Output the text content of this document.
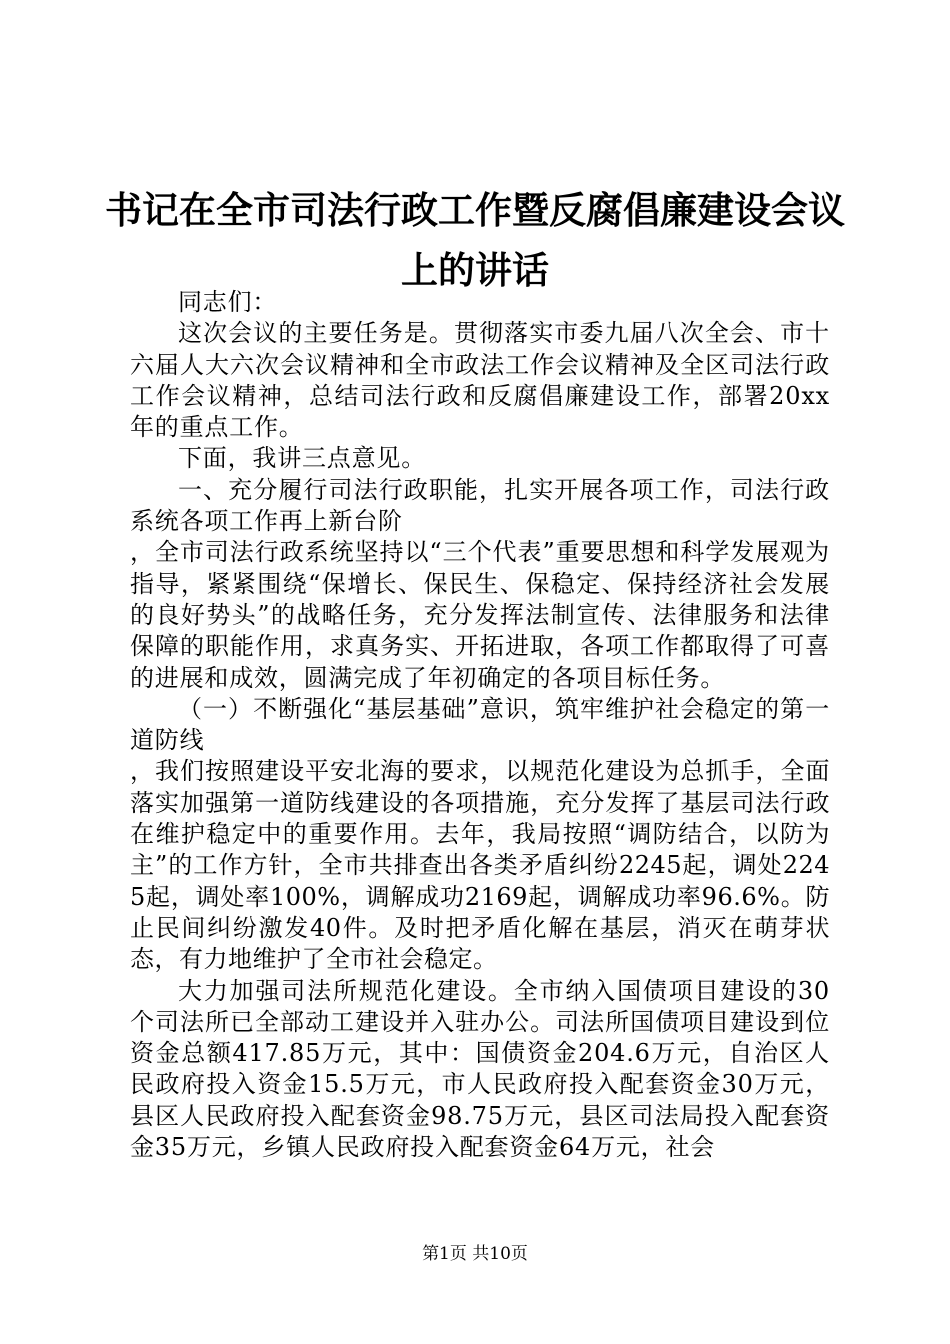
书记在全市司法行政工作暨反腐倡廉建设会议
上的讲话

同志们：

这次会议的主要任务是。贯彻落实市委九届八次全会、市十六届人大六次会议精神和全市政法工作会议精神及全区司法行政工作会议精神，总结司法行政和反腐倡廉建设工作，部署20xx年的重点工作。

下面，我讲三点意见。

一、充分履行司法行政职能，扎实开展各项工作，司法行政系统各项工作再上新台阶

，全市司法行政系统坚持以“三个代表”重要思想和科学发展观为指导，紧紧围绕“保增长、保民生、保稳定、保持经济社会发展的良好势头”的战略任务，充分发挥法制宣传、法律服务和法律保障的职能作用，求真务实、开拓进取，各项工作都取得了可喜的进展和成效，圆满完成了年初确定的各项目标任务。

（一）不断强化“基层基础”意识，筑牢维护社会稳定的第一道防线

，我们按照建设平安北海的要求，以规范化建设为总抓手，全面落实加强第一道防线建设的各项措施，充分发挥了基层司法行政在维护稳定中的重要作用。去年，我局按照“调防结合，以防为主”的工作方针，全市共排查出各类矛盾纠纷2245起，调处2245起，调处率100%，调解成功2169起，调解成功率96.6%。防止民间纠纷激发40件。及时把矛盾化解在基层，消灭在萌芽状态，有力地维护了全市社会稳定。

大力加强司法所规范化建设。全市纳入国债项目建设的30个司法所已全部动工建设并入驻办公。司法所国债项目建设到位资金总额417.85万元，其中：国债资金204.6万元，自治区人民政府投入资金15.5万元，市人民政府投入配套资金30万元，县区人民政府投入配套资金98.75万元，县区司法局投入配套资金35万元，乡镇人民政府投入配套资金64万元，社会

第1页 共10页
